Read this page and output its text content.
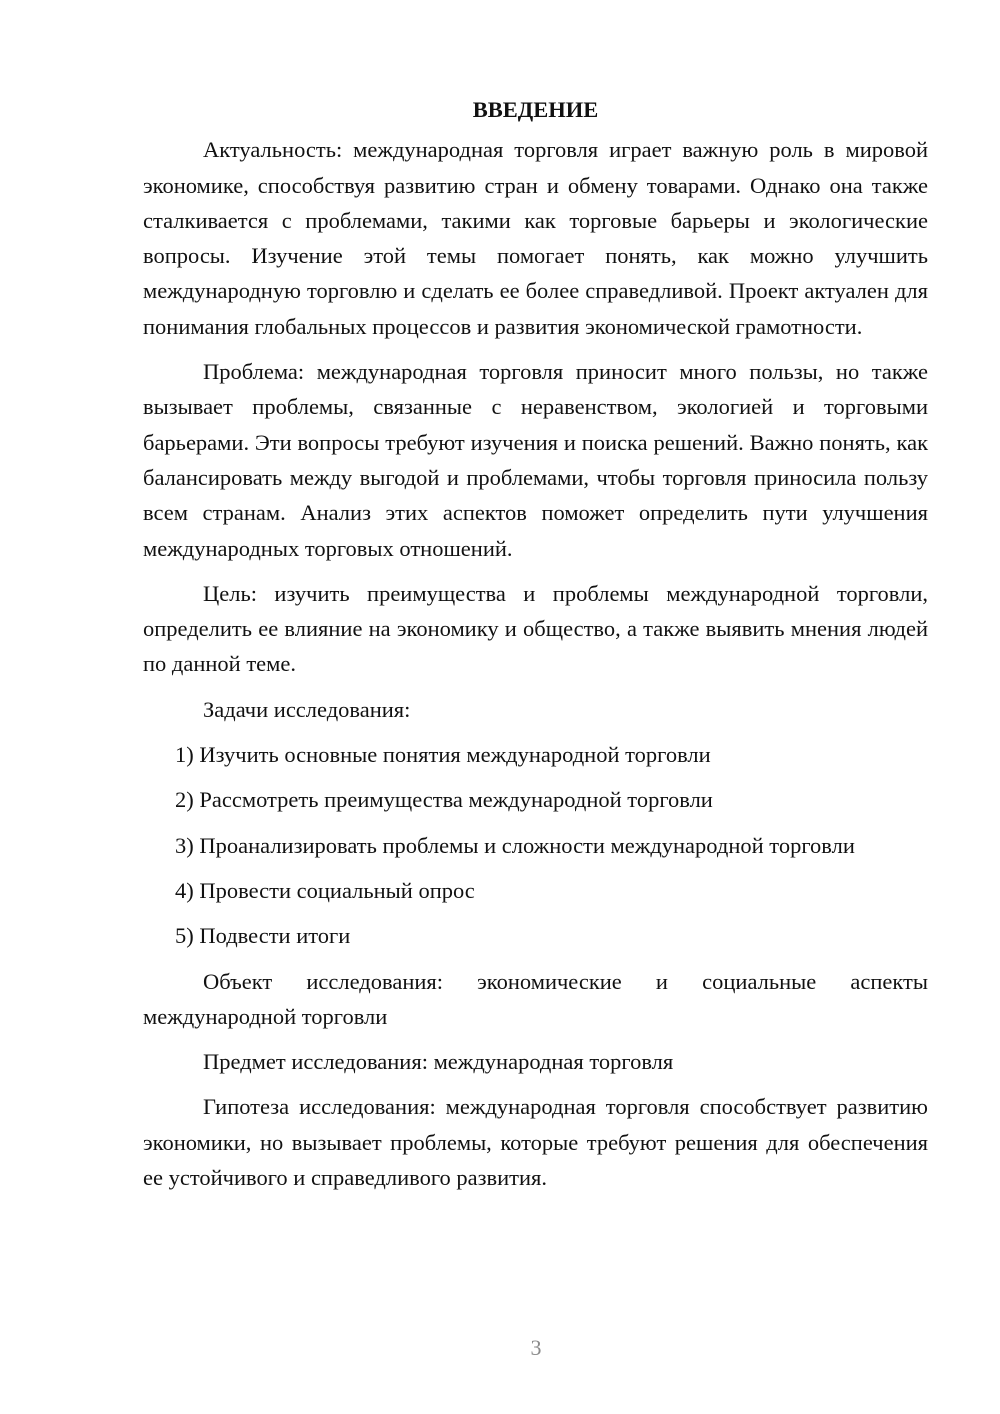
ВВЕДЕНИЕ

Актуальность: международная торговля играет важную роль в мировой экономике, способствуя развитию стран и обмену товарами. Однако она также сталкивается с проблемами, такими как торговые барьеры и экологические вопросы. Изучение этой темы помогает понять, как можно улучшить международную торговлю и сделать ее более справедливой. Проект актуален для понимания глобальных процессов и развития экономической грамотности.

Проблема: международная торговля приносит много пользы, но также вызывает проблемы, связанные с неравенством, экологией и торговыми барьерами. Эти вопросы требуют изучения и поиска решений. Важно понять, как балансировать между выгодой и проблемами, чтобы торговля приносила пользу всем странам. Анализ этих аспектов поможет определить пути улучшения международных торговых отношений.

Цель: изучить преимущества и проблемы международной торговли, определить ее влияние на экономику и общество, а также выявить мнения людей по данной теме.

Задачи исследования:

1) Изучить основные понятия международной торговли

2) Рассмотреть преимущества международной торговли

3) Проанализировать проблемы и сложности международной торговли

4) Провести социальный опрос

5) Подвести итоги

Объект исследования: экономические и социальные аспекты международной торговли

Предмет исследования: международная торговля

Гипотеза исследования: международная торговля способствует развитию экономики, но вызывает проблемы, которые требуют решения для обеспечения ее устойчивого и справедливого развития.

3
